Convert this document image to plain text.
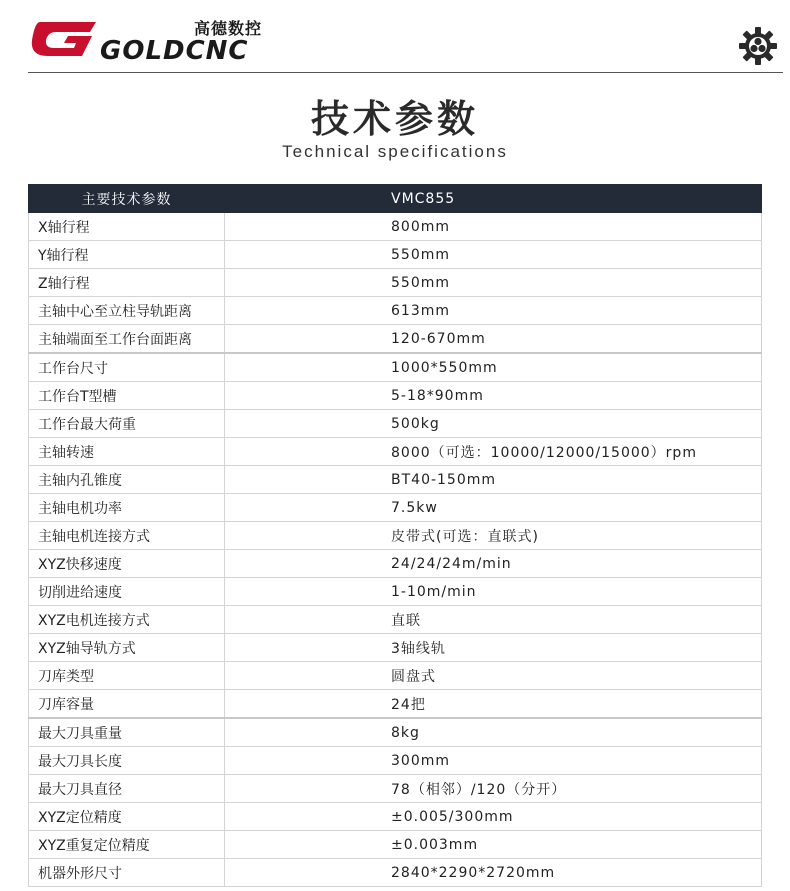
高德数控
GOLDCNC
技术参数
Technical specifications
主要技术参数	VMC855
X轴行程	800mm
Y轴行程	550mm
Z轴行程	550mm
主轴中心至立柱导轨距离	613mm
主轴端面至工作台面距离	120-670mm
工作台尺寸	1000*550mm
工作台T型槽	5-18*90mm
工作台最大荷重	500kg
主轴转速	8000（可选：10000/12000/15000）rpm
主轴内孔锥度	BT40-150mm
主轴电机功率	7.5kw
主轴电机连接方式	皮带式(可选：直联式)
XYZ快移速度	24/24/24m/min
切削进给速度	1-10m/min
XYZ电机连接方式	直联
XYZ轴导轨方式	3轴线轨
刀库类型	圆盘式
刀库容量	24把
最大刀具重量	8kg
最大刀具长度	300mm
最大刀具直径	78（相邻）/120（分开）
XYZ定位精度	±0.005/300mm
XYZ重复定位精度	±0.003mm
机器外形尺寸	2840*2290*2720mm
